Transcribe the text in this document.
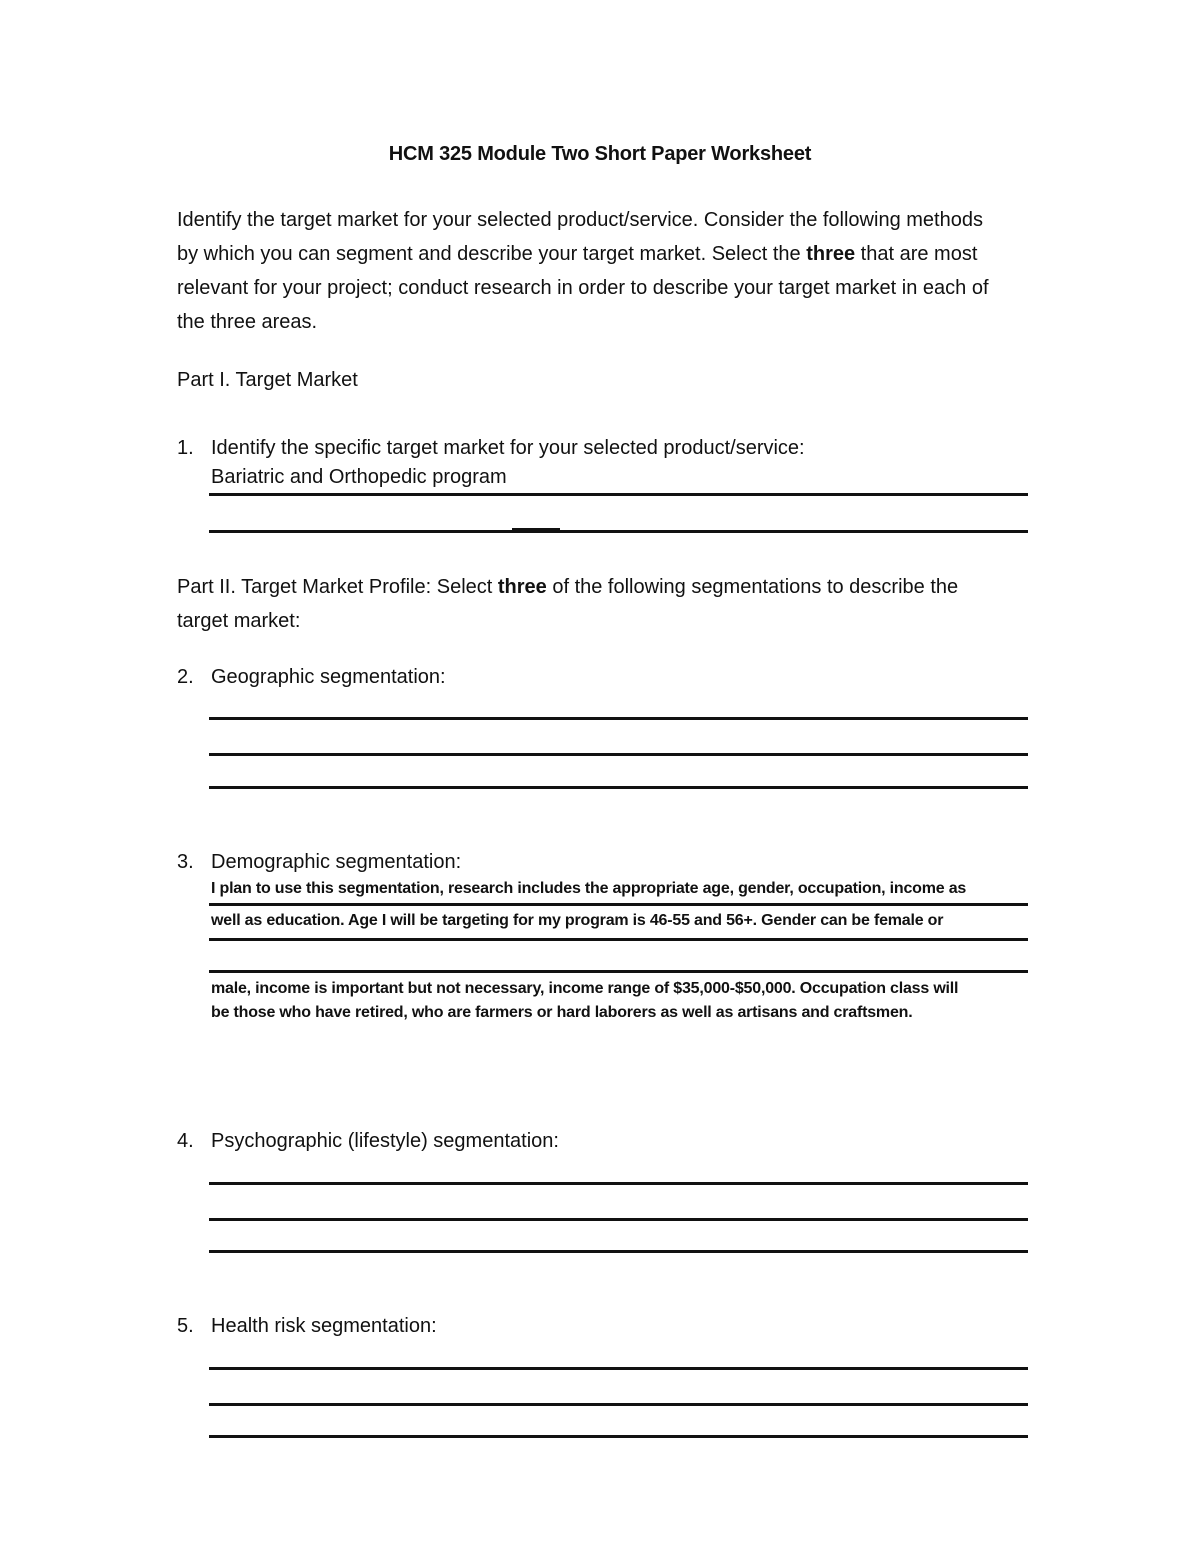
HCM 325 Module Two Short Paper Worksheet
Identify the target market for your selected product/service. Consider the following methods by which you can segment and describe your target market. Select the three that are most relevant for your project; conduct research in order to describe your target market in each of the three areas.
Part I. Target Market
1. Identify the specific target market for your selected product/service:
Bariatric and Orthopedic program
Part II. Target Market Profile: Select three of the following segmentations to describe the target market:
2. Geographic segmentation:
3. Demographic segmentation:
I plan to use this segmentation, research includes the appropriate age, gender, occupation, income as
well as education. Age I will be targeting for my program is 46-55 and 56+. Gender can be female or
male, income is important but not necessary, income range of $35,000-$50,000. Occupation class will
be those who have retired, who are farmers or hard laborers as well as artisans and craftsmen.
4. Psychographic (lifestyle) segmentation:
5. Health risk segmentation:
